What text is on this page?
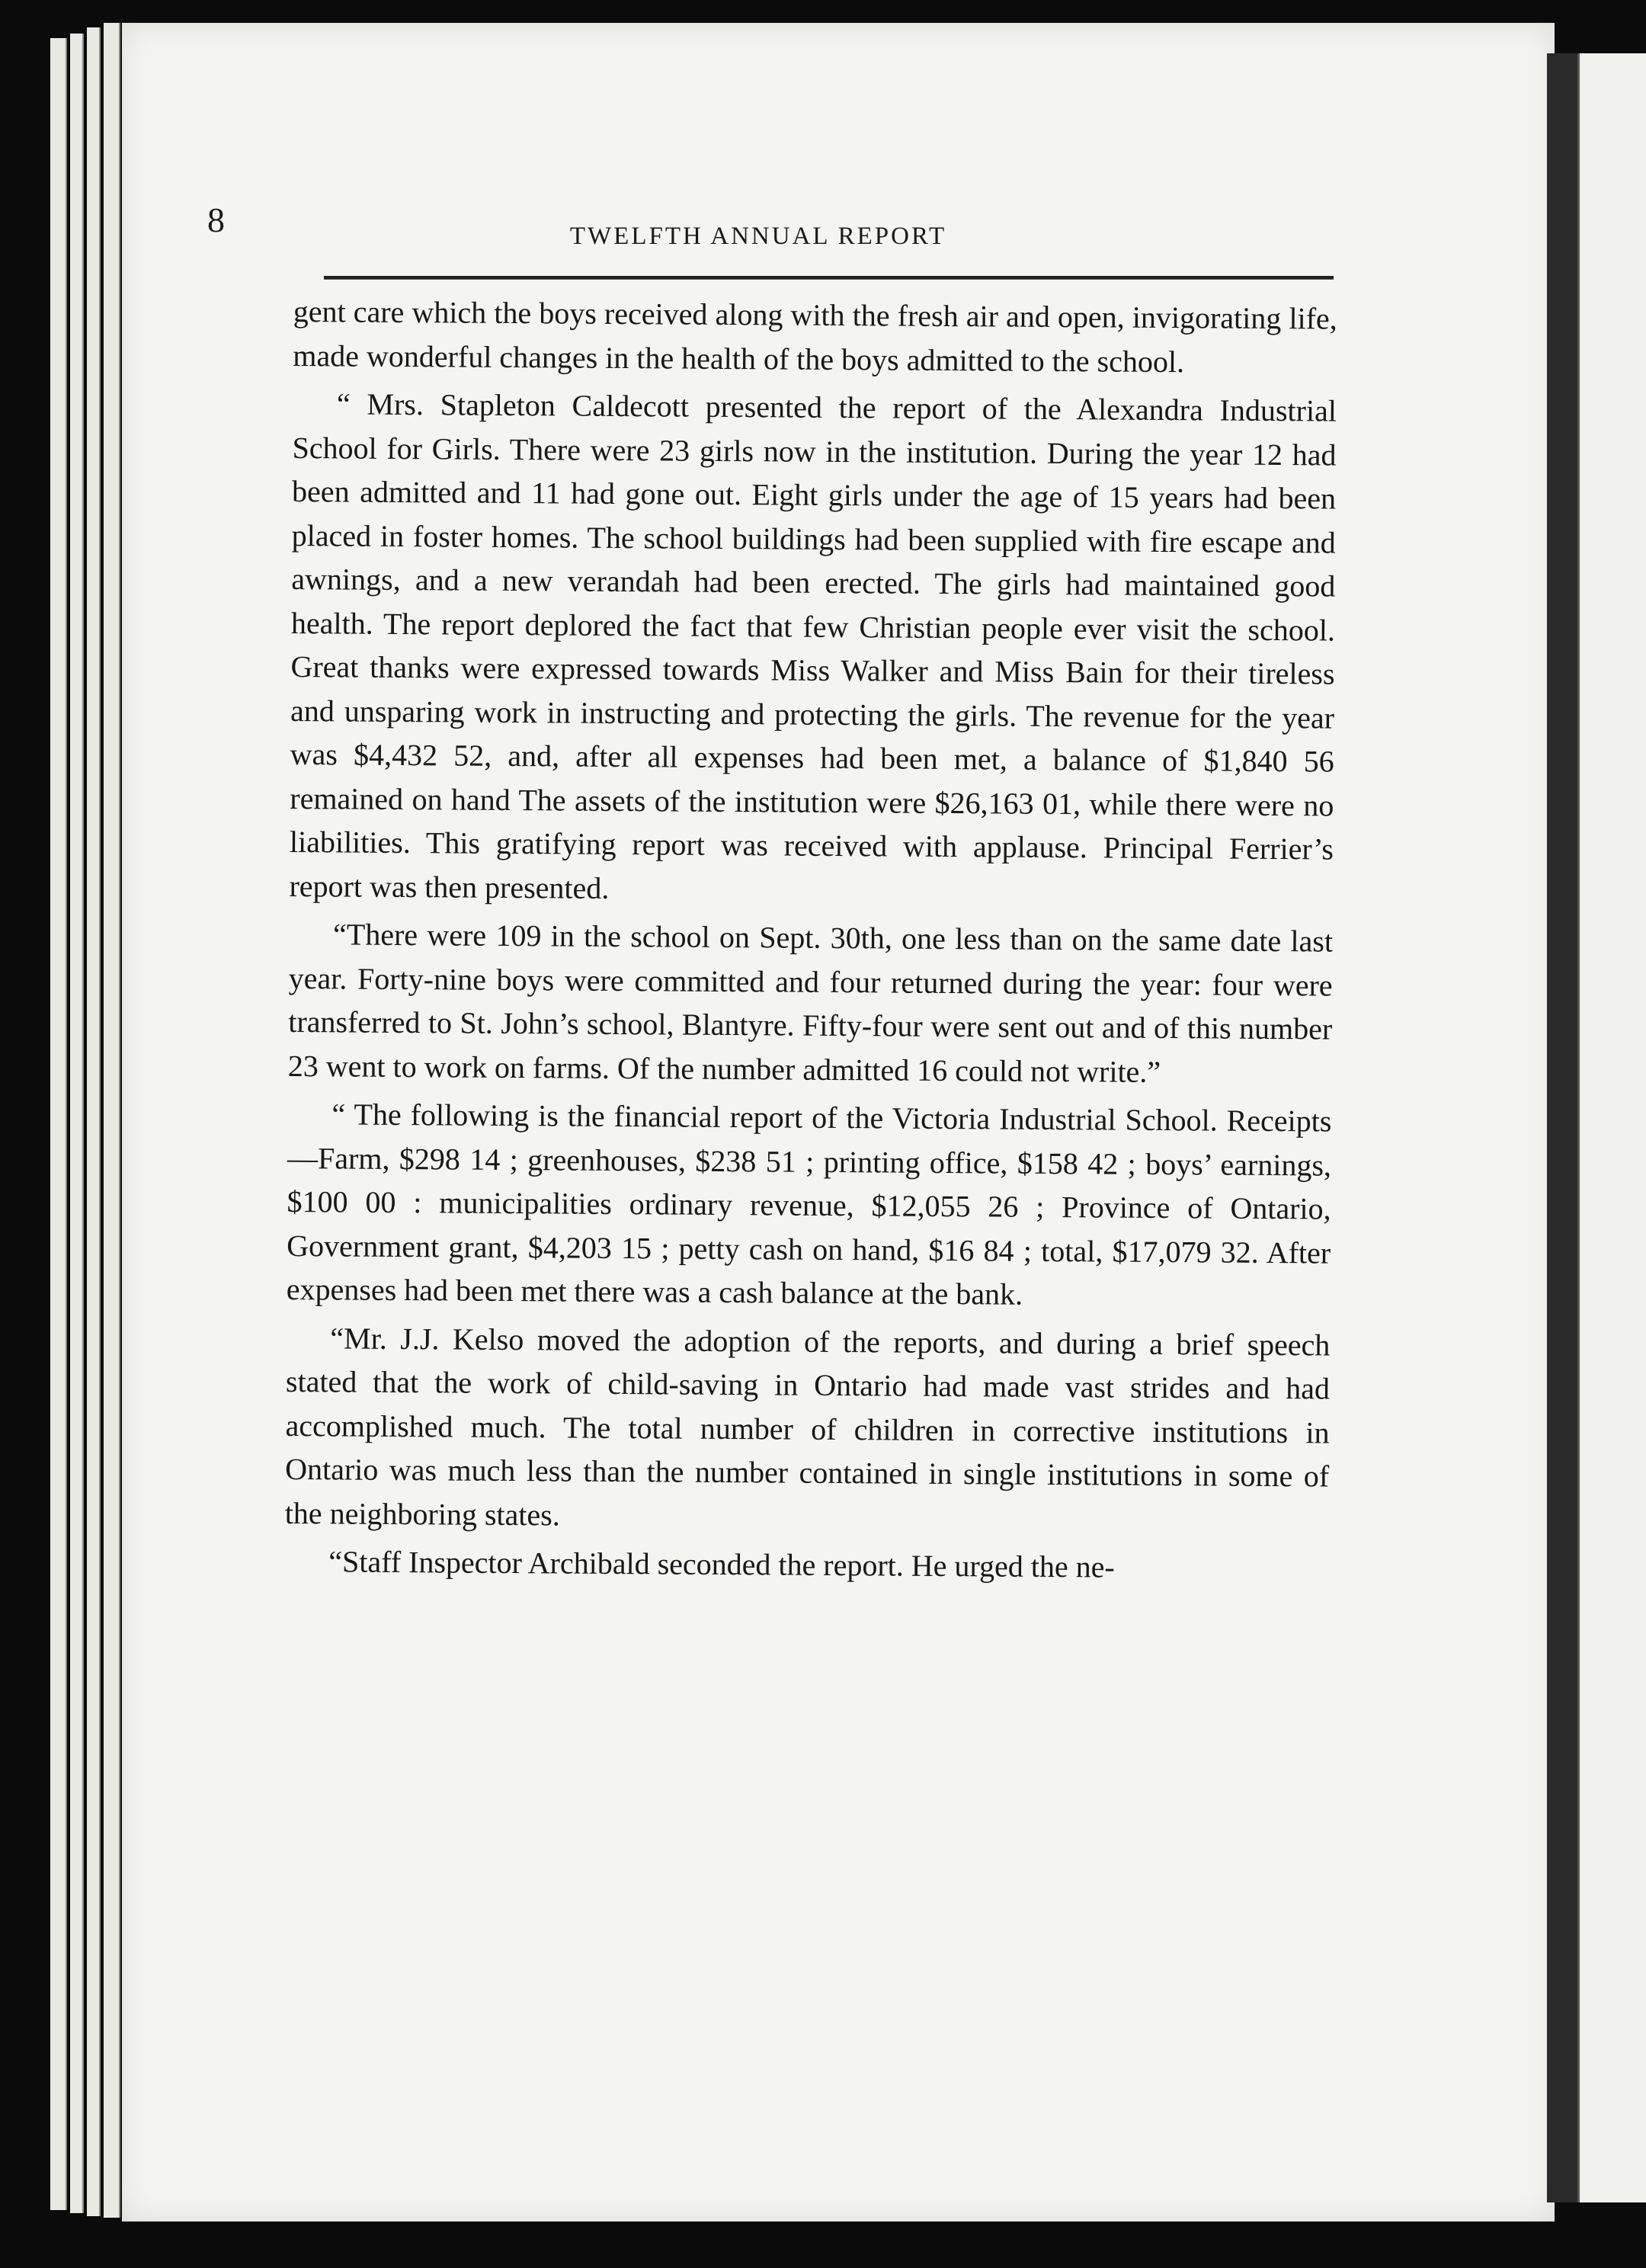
8	TWELFTH ANNUAL REPORT

gent care which the boys received along with the fresh air and open, invigorating life, made wonderful changes in the health of the boys admitted to the school.

“ Mrs. Stapleton Caldecott presented the report of the Alexandra Industrial School for Girls. There were 23 girls now in the institution. During the year 12 had been admitted and 11 had gone out. Eight girls under the age of 15 years had been placed in foster homes. The school buildings had been supplied with fire escape and awnings, and a new verandah had been erected. The girls had maintained good health. The report deplored the fact that few Christian people ever visit the school. Great thanks were expressed towards Miss Walker and Miss Bain for their tireless and unsparing work in instructing and protecting the girls. The revenue for the year was $4,432 52, and, after all expenses had been met, a balance of $1,840 56 remained on hand The assets of the institution were $26,163 01, while there were no liabilities. This gratifying report was received with applause. Principal Ferrier’s report was then presented.

“There were 109 in the school on Sept. 30th, one less than on the same date last year. Forty-nine boys were committed and four returned during the year: four were transferred to St. John’s school, Blantyre. Fifty-four were sent out and of this number 23 went to work on farms. Of the number admitted 16 could not write.”

“ The following is the financial report of the Victoria Industrial School. Receipts—Farm, $298 14 ; greenhouses, $238 51 ; printing office, $158 42 ; boys’ earnings, $100 00 : municipalities ordinary revenue, $12,055 26 ; Province of Ontario, Government grant, $4,203 15 ; petty cash on hand, $16 84 ; total, $17,079 32. After expenses had been met there was a cash balance at the bank.

“Mr. J.J. Kelso moved the adoption of the reports, and during a brief speech stated that the work of child-saving in Ontario had made vast strides and had accomplished much. The total number of children in corrective institutions in Ontario was much less than the number contained in single institutions in some of the neighboring states.

“Staff Inspector Archibald seconded the report. He urged the ne-
